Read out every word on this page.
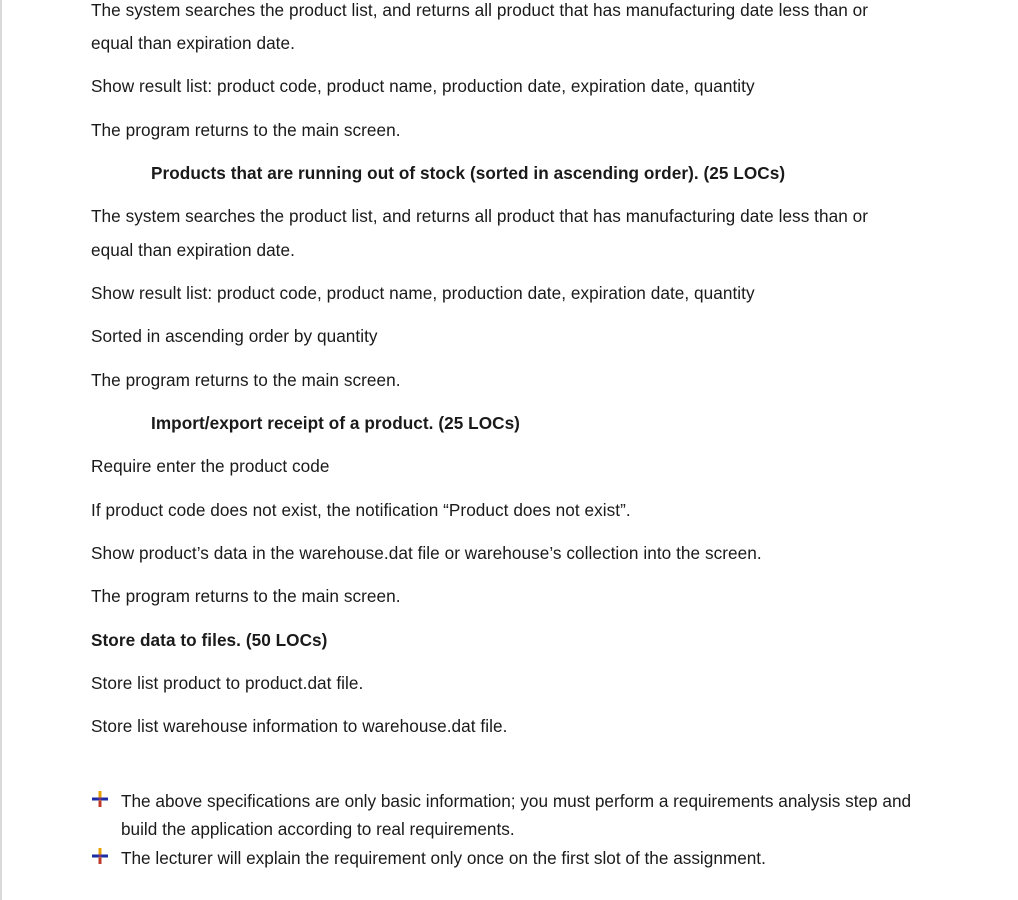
The system searches the product list, and returns all product that has manufacturing date less than or
equal than expiration date.
Show result list: product code, product name, production date, expiration date, quantity
The program returns to the main screen.
Products that are running out of stock (sorted in ascending order). (25 LOCs)
The system searches the product list, and returns all product that has manufacturing date less than or
equal than expiration date.
Show result list: product code, product name, production date, expiration date, quantity
Sorted in ascending order by quantity
The program returns to the main screen.
Import/export receipt of a product. (25 LOCs)
Require enter the product code
If product code does not exist, the notification “Product does not exist”.
Show product’s data in the warehouse.dat file or warehouse’s collection into the screen.
The program returns to the main screen.
Store data to files. (50 LOCs)
Store list product to product.dat file.
Store list warehouse information to warehouse.dat file.
The above specifications are only basic information; you must perform a requirements analysis step and build the application according to real requirements.
The lecturer will explain the requirement only once on the first slot of the assignment.
